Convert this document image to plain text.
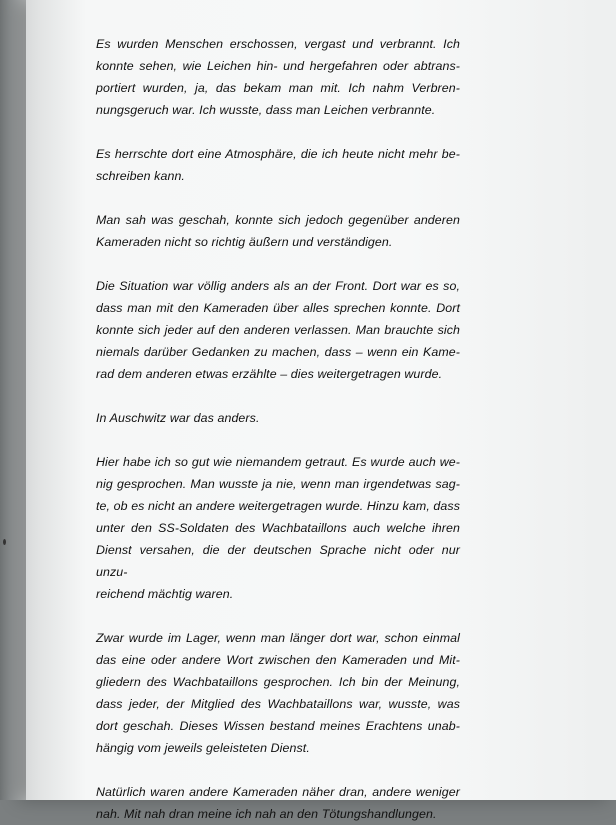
Es wurden Menschen erschossen, vergast und verbrannt. Ich
konnte sehen, wie Leichen hin- und hergefahren oder abtrans-
portiert wurden, ja, das bekam man mit. Ich nahm Verbren-
nungsgeruch war. Ich wusste, dass man Leichen verbrannte.
Es herrschte dort eine Atmosphäre, die ich heute nicht mehr be-
schreiben kann.
Man sah was geschah, konnte sich jedoch gegenüber anderen
Kameraden nicht so richtig äußern und verständigen.
Die Situation war völlig anders als an der Front. Dort war es so,
dass man mit den Kameraden über alles sprechen konnte. Dort
konnte sich jeder auf den anderen verlassen. Man brauchte sich
niemals darüber Gedanken zu machen, dass – wenn ein Kame-
rad dem anderen etwas erzählte – dies weitergetragen wurde.
In Auschwitz war das anders.
Hier habe ich so gut wie niemandem getraut. Es wurde auch we-
nig gesprochen. Man wusste ja nie, wenn man irgendetwas sag-
te, ob es nicht an andere weitergetragen wurde. Hinzu kam, dass
unter den SS-Soldaten des Wachbataillons auch welche ihren
Dienst versahen, die der deutschen Sprache nicht oder nur unzu-
reichend mächtig waren.
Zwar wurde im Lager, wenn man länger dort war, schon einmal
das eine oder andere Wort zwischen den Kameraden und Mit-
gliedern des Wachbataillons gesprochen. Ich bin der Meinung,
dass jeder, der Mitglied des Wachbataillons war, wusste, was
dort geschah. Dieses Wissen bestand meines Erachtens unab-
hängig vom jeweils geleisteten Dienst.
Natürlich waren andere Kameraden näher dran, andere weniger
nah. Mit nah dran meine ich nah an den Tötungshandlungen.
